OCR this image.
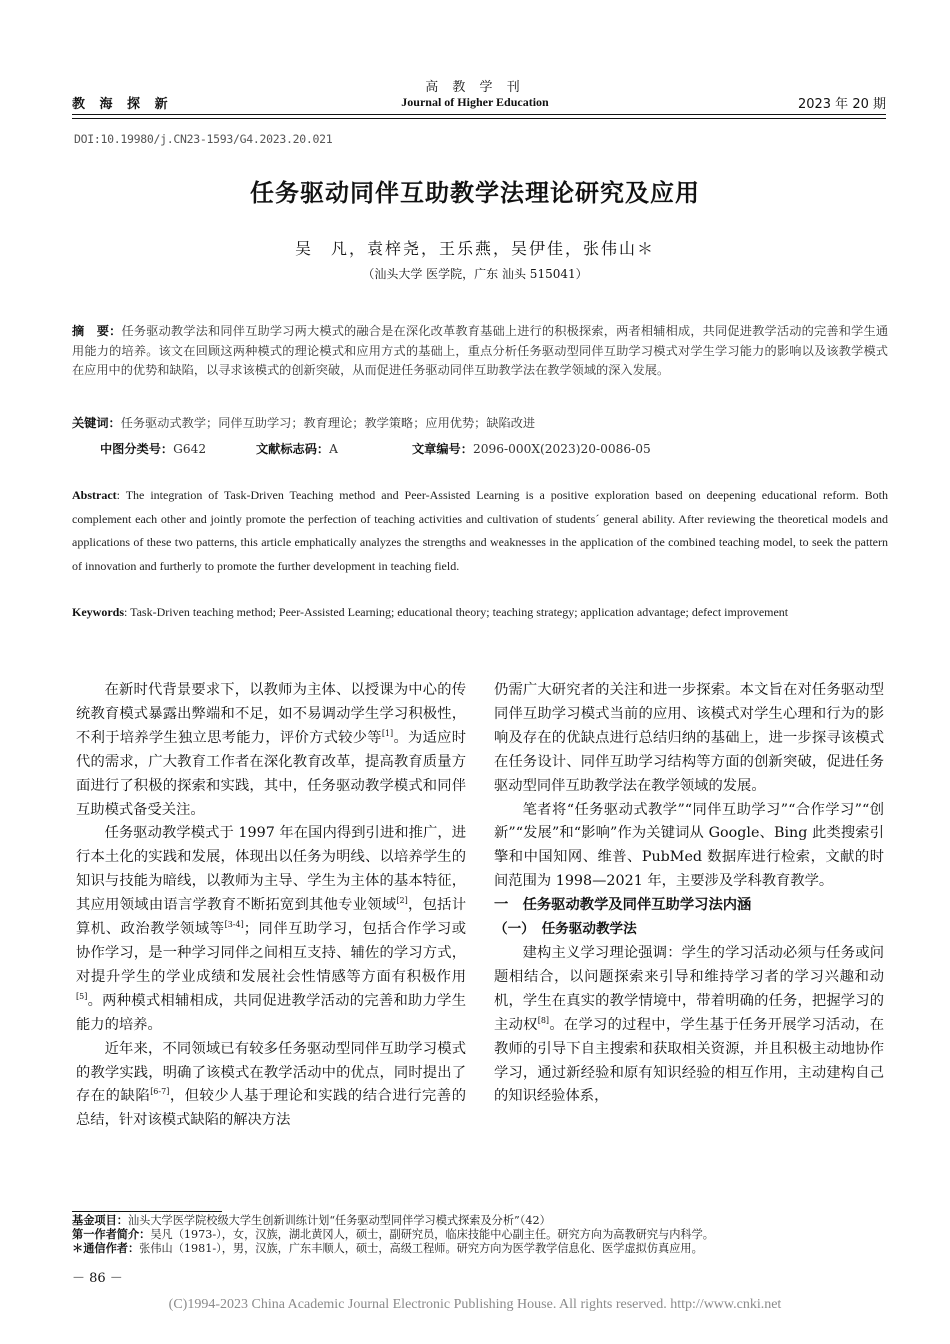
高 教 学 刊
教 海 探 新	Journal of Higher Education	2023 年 20 期
DOI:10.19980/j.CN23-1593/G4.2023.20.021
任务驱动同伴互助教学法理论研究及应用
吴　凡，袁梓尧，王乐燕，吴伊佳，张伟山＊
（汕头大学 医学院，广东 汕头 515041）
摘　要：任务驱动教学法和同伴互助学习两大模式的融合是在深化改革教育基础上进行的积极探索，两者相辅相成，共同促进教学活动的完善和学生通用能力的培养。该文在回顾这两种模式的理论模式和应用方式的基础上，重点分析任务驱动型同伴互助学习模式对学生学习能力的影响以及该教学模式在应用中的优势和缺陷，以寻求该模式的创新突破，从而促进任务驱动同伴互助教学法在教学领域的深入发展。
关键词：任务驱动式教学；同伴互助学习；教育理论；教学策略；应用优势；缺陷改进
中图分类号：G642	文献标志码：A	文章编号：2096-000X(2023)20-0086-05
Abstract: The integration of Task-Driven Teaching method and Peer-Assisted Learning is a positive exploration based on deepening educational reform. Both complement each other and jointly promote the perfection of teaching activities and cultivation of students´ general ability. After reviewing the theoretical models and applications of these two patterns, this article emphatically analyzes the strengths and weaknesses in the application of the combined teaching model, to seek the pattern of innovation and furtherly to promote the further development in teaching field.
Keywords: Task-Driven teaching method; Peer-Assisted Learning; educational theory; teaching strategy; application advantage; defect improvement

在新时代背景要求下，以教师为主体、以授课为中心的传统教育模式暴露出弊端和不足，如不易调动学生学习积极性，不利于培养学生独立思考能力，评价方式较少等[1]。为适应时代的需求，广大教育工作者在深化教育改革，提高教育质量方面进行了积极的探索和实践，其中，任务驱动教学模式和同伴互助模式备受关注。

任务驱动教学模式于 1997 年在国内得到引进和推广，进行本土化的实践和发展，体现出以任务为明线、以培养学生的知识与技能为暗线，以教师为主导、学生为主体的基本特征，其应用领域由语言学教育不断拓宽到其他专业领域[2]，包括计算机、政治教学领域等[3-4]；同伴互助学习，包括合作学习或协作学习，是一种学习同伴之间相互支持、辅佐的学习方式，对提升学生的学业成绩和发展社会性情感等方面有积极作用[5]。两种模式相辅相成，共同促进教学活动的完善和助力学生能力的培养。

近年来，不同领域已有较多任务驱动型同伴互助学习模式的教学实践，明确了该模式在教学活动中的优点，同时提出了存在的缺陷[6-7]，但较少人基于理论和实践的结合进行完善的总结，针对该模式缺陷的解决方法

仍需广大研究者的关注和进一步探索。本文旨在对任务驱动型同伴互助学习模式当前的应用、该模式对学生心理和行为的影响及存在的优缺点进行总结归纳的基础上，进一步探寻该模式在任务设计、同伴互助学习结构等方面的创新突破，促进任务驱动型同伴互助教学法在教学领域的发展。

笔者将“任务驱动式教学”“同伴互助学习”“合作学习”“创新”“发展”和“影响”作为关键词从 Google、Bing 此类搜索引擎和中国知网、维普、PubMed 数据库进行检索，文献的时间范围为 1998—2021 年，主要涉及学科教育教学。

一　任务驱动教学及同伴互助学习法内涵

（一）　任务驱动教学法

建构主义学习理论强调：学生的学习活动必须与任务或问题相结合，以问题探索来引导和维持学习者的学习兴趣和动机，学生在真实的教学情境中，带着明确的任务，把握学习的主动权[8]。在学习的过程中，学生基于任务开展学习活动，在教师的引导下自主搜索和获取相关资源，并且积极主动地协作学习，通过新经验和原有知识经验的相互作用，主动建构自己的知识经验体系，

基金项目：汕头大学医学院校级大学生创新训练计划“任务驱动型同伴学习模式探索及分析”（42）
第一作者简介：吴凡（1973-），女，汉族，湖北黄冈人，硕士，副研究员，临床技能中心副主任。研究方向为高教研究与内科学。
＊通信作者：张伟山（1981-），男，汉族，广东丰顺人，硕士，高级工程师。研究方向为医学教学信息化、医学虚拟仿真应用。
－ 86 －
(C)1994-2023 China Academic Journal Electronic Publishing House. All rights reserved. http://www.cnki.net
